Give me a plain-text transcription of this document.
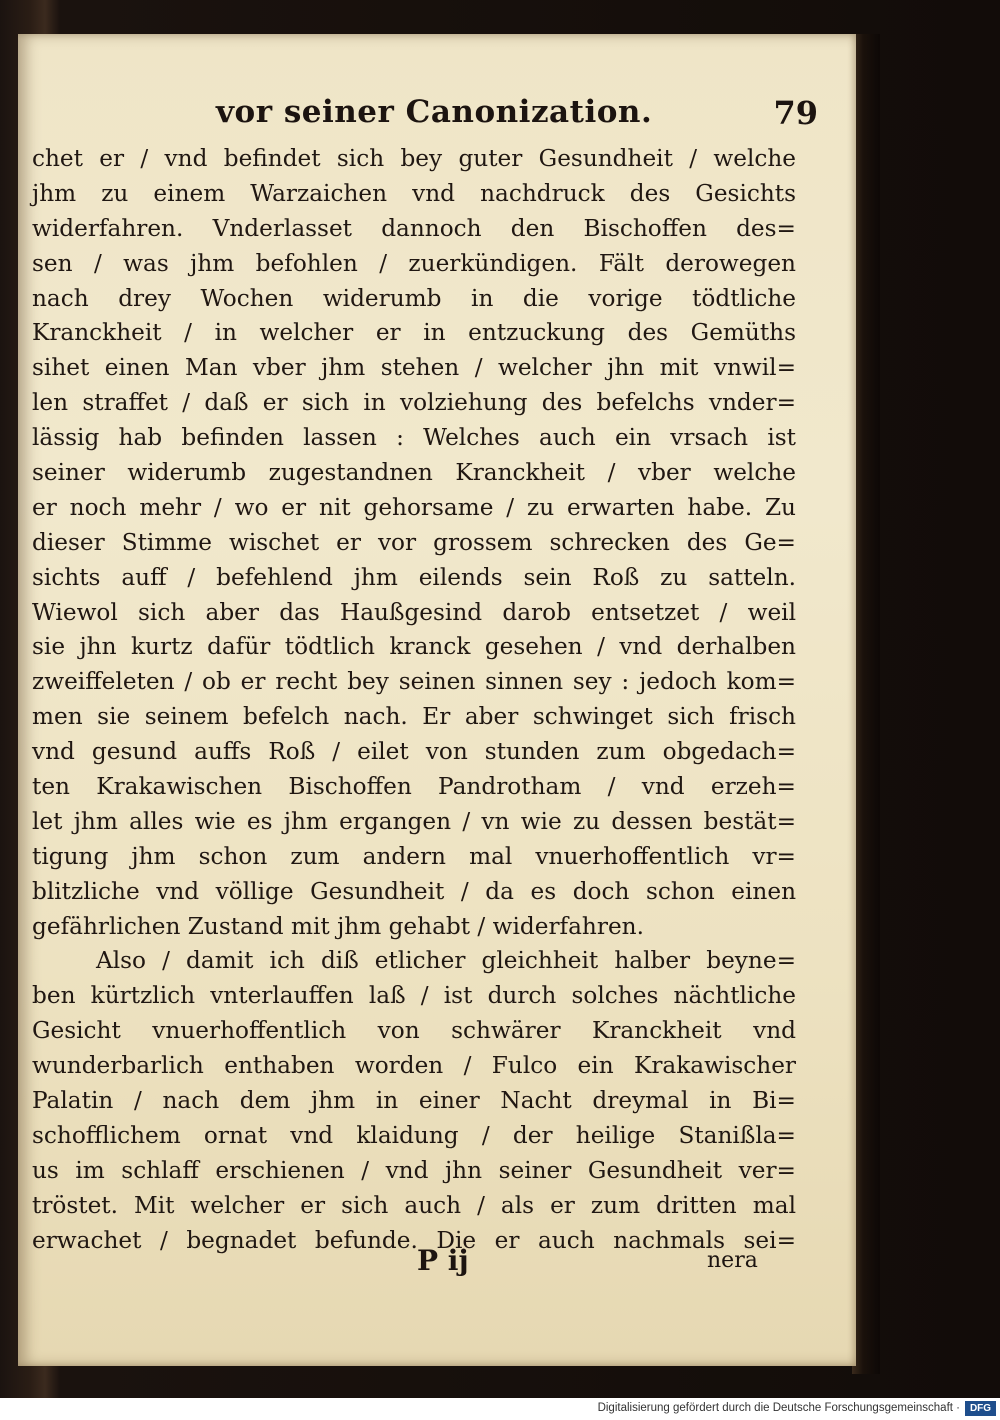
vor seiner Canonization.	79
chet er / vnd befindet sich bey guter Gesundheit / welche
jhm zu einem Warzaichen vnd nachdruck des Gesichts
widerfahren. Vnderlasset dannoch den Bischoffen des=
sen / was jhm befohlen / zuerkündigen. Fält derowegen
nach drey Wochen widerumb in die vorige tödtliche
Kranckheit / in welcher er in entzuckung des Gemüths
sihet einen Man vber jhm stehen / welcher jhn mit vnwil=
len straffet / daß er sich in volziehung des befelchs vnder=
lässig hab befinden lassen : Welches auch ein vrsach ist
seiner widerumb zugestandnen Kranckheit / vber welche
er noch mehr / wo er nit gehorsame / zu erwarten habe. Zu
dieser Stimme wischet er vor grossem schrecken des Ge=
sichts auff / befehlend jhm eilends sein Roß zu satteln.
Wiewol sich aber das Haußgesind darob entsetzet / weil
sie jhn kurtz dafür tödtlich kranck gesehen / vnd derhalben
zweiffeleten / ob er recht bey seinen sinnen sey : jedoch kom=
men sie seinem befelch nach. Er aber schwinget sich frisch
vnd gesund auffs Roß / eilet von stunden zum obgedach=
ten Krakawischen Bischoffen Pandrotham / vnd erzeh=
let jhm alles wie es jhm ergangen / vn wie zu dessen bestät=
tigung jhm schon zum andern mal vnuerhoffentlich vr=
blitzliche vnd völlige Gesundheit / da es doch schon einen
gefährlichen Zustand mit jhm gehabt / widerfahren.
Also / damit ich diß etlicher gleichheit halber beyne=
ben kürtzlich vnterlauffen laß / ist durch solches nächtliche
Gesicht vnuerhoffentlich von schwärer Kranckheit vnd
wunderbarlich enthaben worden / Fulco ein Krakawischer
Palatin / nach dem jhm in einer Nacht dreymal in Bi=
schofflichem ornat vnd klaidung / der heilige Stanißla=
us im schlaff erschienen / vnd jhn seiner Gesundheit ver=
tröstet. Mit welcher er sich auch / als er zum dritten mal
erwachet / begnadet befunde. Die er auch nachmals sei=
P ij	nera
Digitalisierung gefördert durch die Deutsche Forschungsgemeinschaft · DFG
